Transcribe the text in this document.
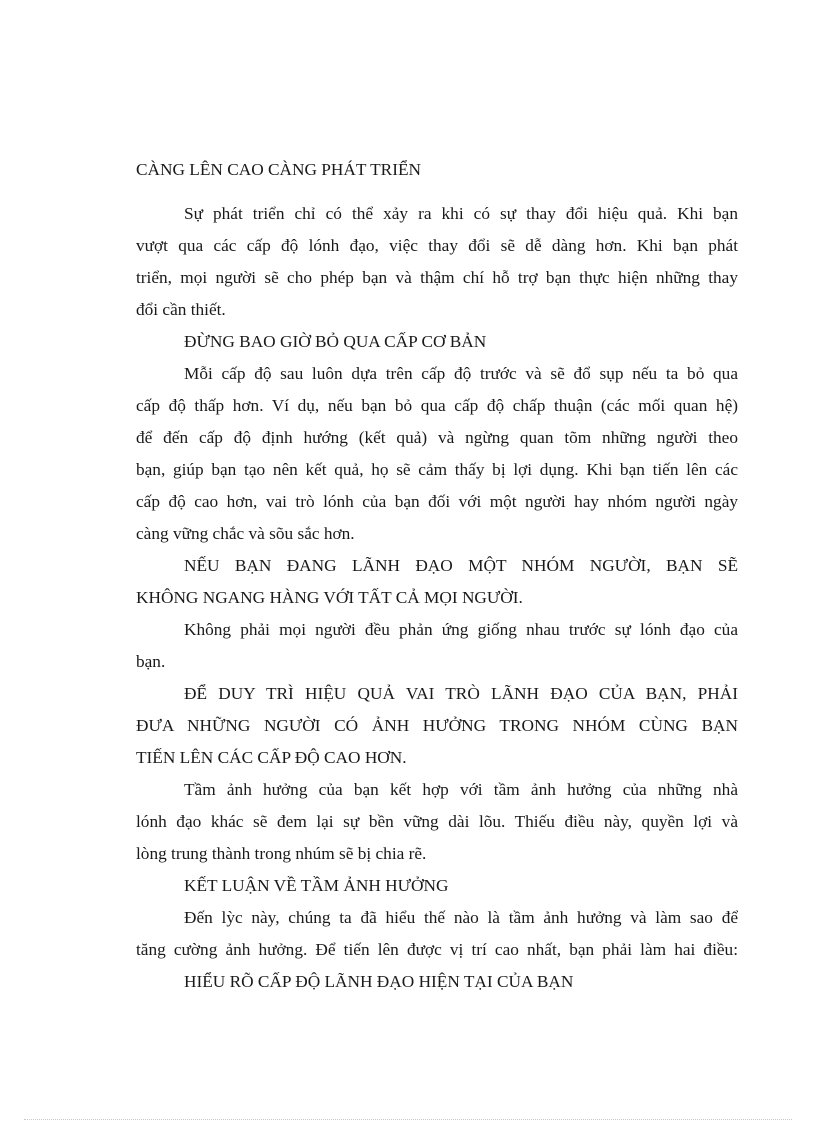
CÀNG LÊN CAO CÀNG PHÁT TRIỂN
Sự phát triển chỉ có thể xảy ra khi có sự thay đổi hiệu quả. Khi bạn
vượt qua các cấp độ lónh đạo, việc thay đổi sẽ dễ dàng hơn. Khi bạn phát
triển, mọi người sẽ cho phép bạn và thậm chí hỗ trợ bạn thực hiện những thay
đổi cần thiết.
ĐỪNG BAO GIỜ BỎ QUA CẤP CƠ BẢN
Mỗi cấp độ sau luôn dựa trên cấp độ trước và sẽ đổ sụp nếu ta bỏ qua
cấp độ thấp hơn. Ví dụ, nếu bạn bỏ qua cấp độ chấp thuận (các mối quan hệ)
để đến cấp độ định hướng (kết quả) và ngừng quan tõm những người theo
bạn, giúp bạn tạo nên kết quả, họ sẽ cảm thấy bị lợi dụng. Khi bạn tiến lên các
cấp độ cao hơn, vai trò lónh của bạn đối với một người hay nhóm người ngày
càng vững chắc và sõu sắc hơn.
NẾU BẠN ĐANG LÃNH ĐẠO MỘT NHÓM NGƯỜI, BẠN SẼ
KHÔNG NGANG HÀNG VỚI TẤT CẢ MỌI NGƯỜI.
Không phải mọi người đều phản ứng giống nhau trước sự lónh đạo của
bạn.
ĐỂ DUY TRÌ HIỆU QUẢ VAI TRÒ LÃNH ĐẠO CỦA BẠN, PHẢI
ĐƯA NHỮNG NGƯỜI CÓ ẢNH HƯỞNG TRONG NHÓM CÙNG BẠN
TIẾN LÊN CÁC CẤP ĐỘ CAO HƠN.
Tầm ảnh hưởng của bạn kết hợp với tầm ảnh hưởng của những nhà
lónh đạo khác sẽ đem lại sự bền vững dài lõu. Thiếu điều này, quyền lợi và
lòng trung thành trong nhúm sẽ bị chia rẽ.
KẾT LUẬN VỀ TẦM ẢNH HƯỞNG
Đến lỳc này, chúng ta đã hiểu thế nào là tầm ảnh hưởng và làm sao để
tăng cường ảnh hưởng. Để tiến lên được vị trí cao nhất, bạn phải làm hai điều:
HIỂU RÕ CẤP ĐỘ LÃNH ĐẠO HIỆN TẠI CỦA BẠN
